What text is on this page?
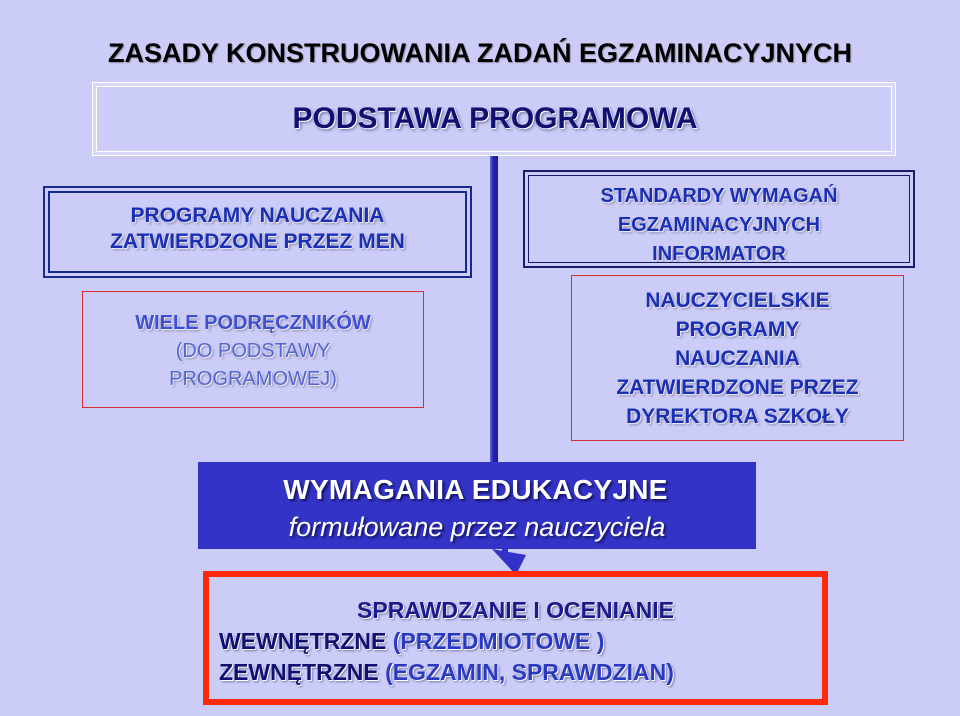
ZASADY KONSTRUOWANIA ZADAŃ EGZAMINACYJNYCH
PODSTAWA PROGRAMOWA
PROGRAMY NAUCZANIA
ZATWIERDZONE PRZEZ MEN
WIELE PODRĘCZNIKÓW
(DO PODSTAWY
PROGRAMOWEJ)
STANDARDY WYMAGAŃ
EGZAMINACYJNYCH
INFORMATOR
NAUCZYCIELSKIE
PROGRAMY
NAUCZANIA
ZATWIERDZONE PRZEZ
DYREKTORA SZKOŁY
WYMAGANIA EDUKACYJNE
formułowane przez nauczyciela
SPRAWDZANIE I OCENIANIE
WEWNĘTRZNE (PRZEDMIOTOWE )
ZEWNĘTRZNE (EGZAMIN, SPRAWDZIAN)
